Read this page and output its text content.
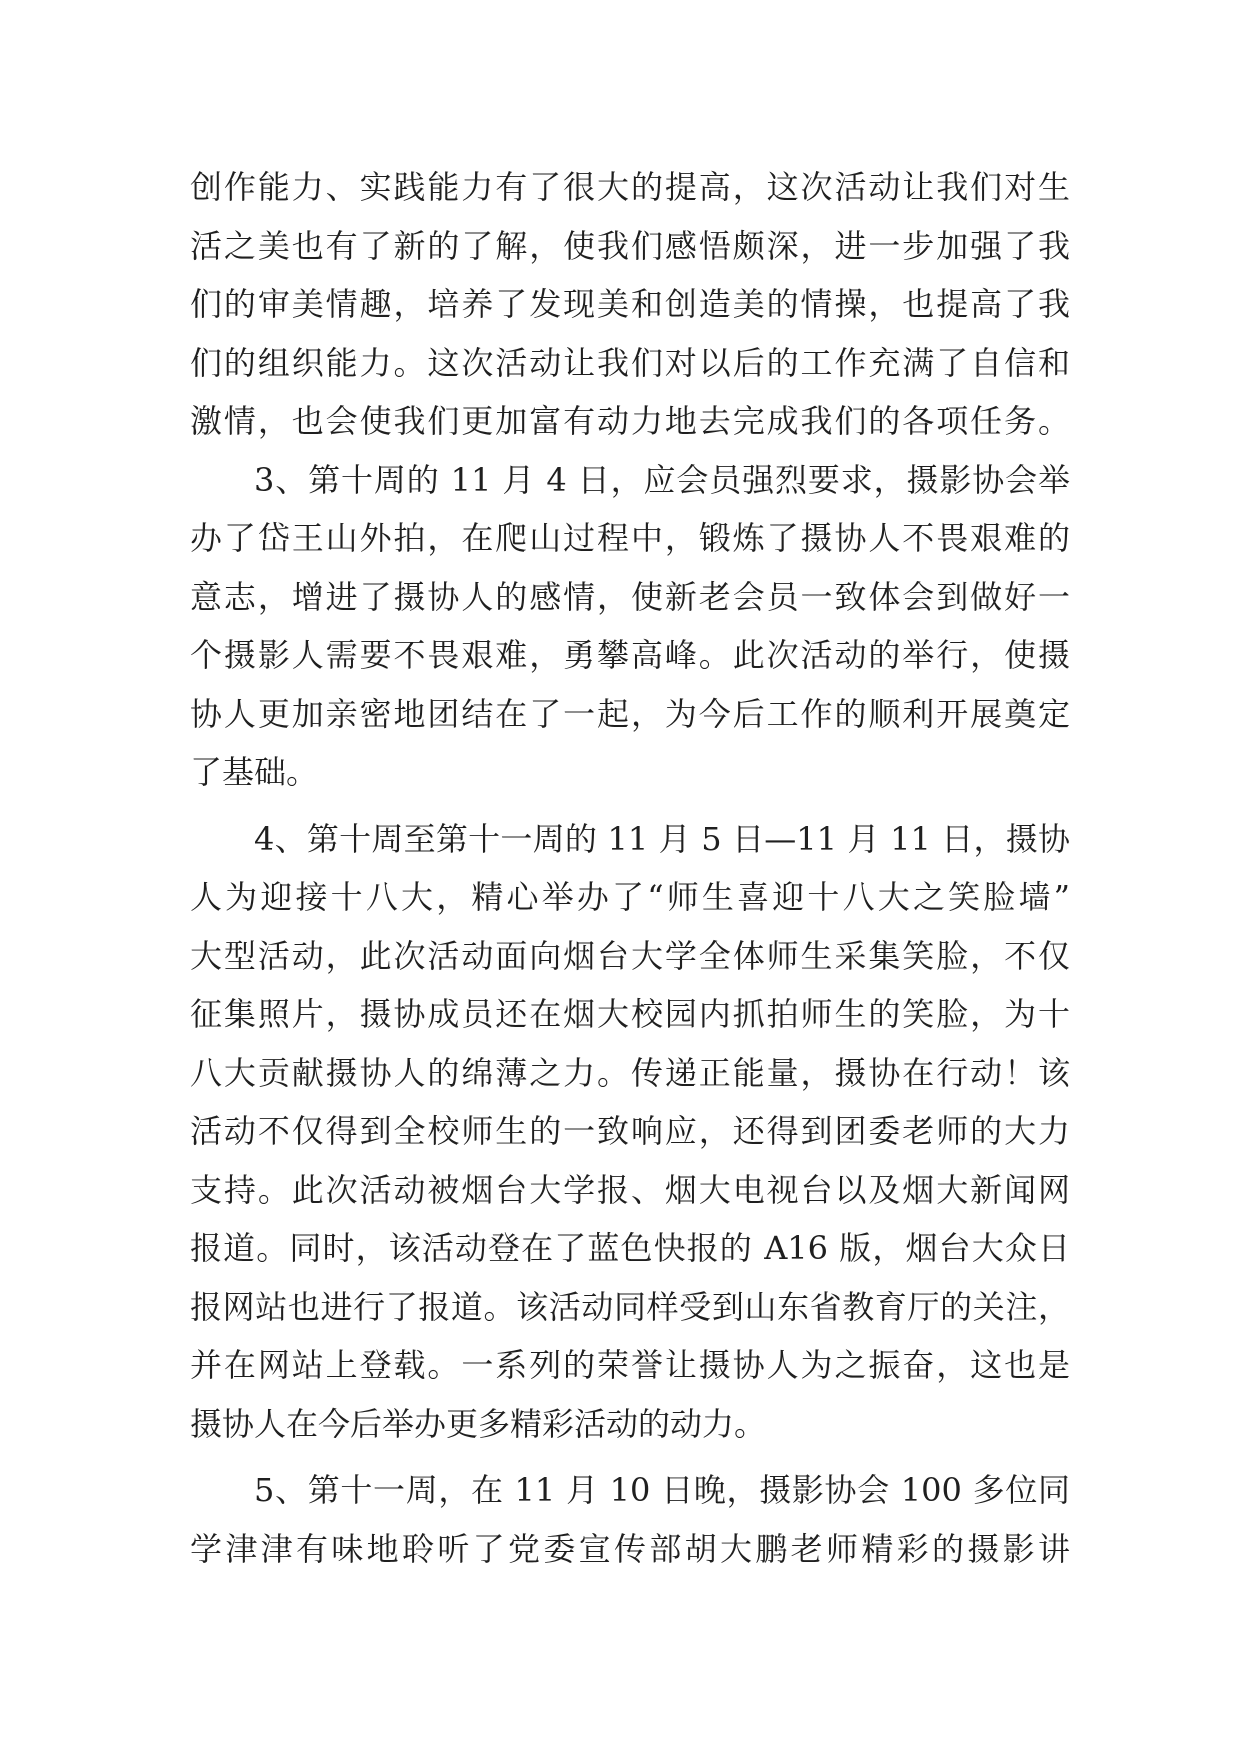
创作能力、实践能力有了很大的提高，这次活动让我们对生
活之美也有了新的了解，使我们感悟颇深，进一步加强了我
们的审美情趣，培养了发现美和创造美的情操，也提高了我
们的组织能力。这次活动让我们对以后的工作充满了自信和
激情，也会使我们更加富有动力地去完成我们的各项任务。
3、第十周的 11 月 4 日，应会员强烈要求，摄影协会举
办了岱王山外拍，在爬山过程中，锻炼了摄协人不畏艰难的
意志，增进了摄协人的感情，使新老会员一致体会到做好一
个摄影人需要不畏艰难，勇攀高峰。此次活动的举行，使摄
协人更加亲密地团结在了一起，为今后工作的顺利开展奠定
了基础。
4、第十周至第十一周的 11 月 5 日—11 月 11 日，摄协
人为迎接十八大，精心举办了“师生喜迎十八大之笑脸墙”
大型活动，此次活动面向烟台大学全体师生采集笑脸，不仅
征集照片，摄协成员还在烟大校园内抓拍师生的笑脸，为十
八大贡献摄协人的绵薄之力。传递正能量，摄协在行动！该
活动不仅得到全校师生的一致响应，还得到团委老师的大力
支持。此次活动被烟台大学报、烟大电视台以及烟大新闻网
报道。同时，该活动登在了蓝色快报的 A16 版，烟台大众日
报网站也进行了报道。该活动同样受到山东省教育厅的关注，
并在网站上登载。一系列的荣誉让摄协人为之振奋，这也是
摄协人在今后举办更多精彩活动的动力。
5、第十一周，在 11 月 10 日晚，摄影协会 100 多位同
学津津有味地聆听了党委宣传部胡大鹏老师精彩的摄影讲
